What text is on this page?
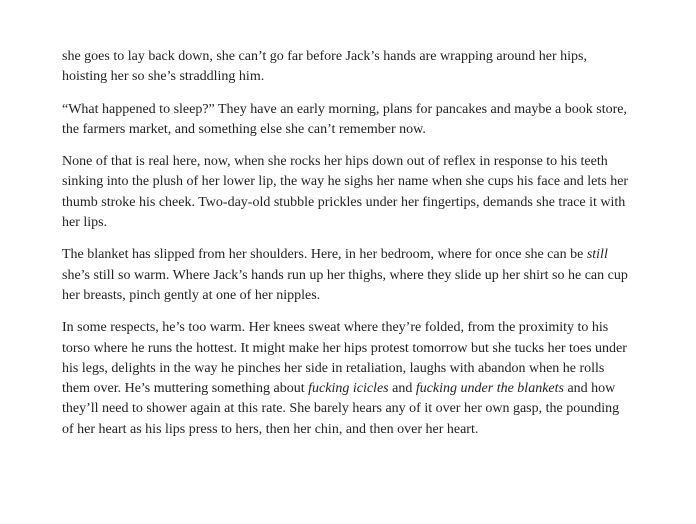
she goes to lay back down, she can’t go far before Jack’s hands are wrapping around her hips, hoisting her so she’s straddling him.

“What happened to sleep?” They have an early morning, plans for pancakes and maybe a book store, the farmers market, and something else she can’t remember now.

None of that is real here, now, when she rocks her hips down out of reflex in response to his teeth sinking into the plush of her lower lip, the way he sighs her name when she cups his face and lets her thumb stroke his cheek. Two-day-old stubble prickles under her fingertips, demands she trace it with her lips.

The blanket has slipped from her shoulders. Here, in her bedroom, where for once she can be still she’s still so warm. Where Jack’s hands run up her thighs, where they slide up her shirt so he can cup her breasts, pinch gently at one of her nipples.

In some respects, he’s too warm. Her knees sweat where they’re folded, from the proximity to his torso where he runs the hottest. It might make her hips protest tomorrow but she tucks her toes under his legs, delights in the way he pinches her side in retaliation, laughs with abandon when he rolls them over. He’s muttering something about fucking icicles and fucking under the blankets and how they’ll need to shower again at this rate. She barely hears any of it over her own gasp, the pounding of her heart as his lips press to hers, then her chin, and then over her heart.
